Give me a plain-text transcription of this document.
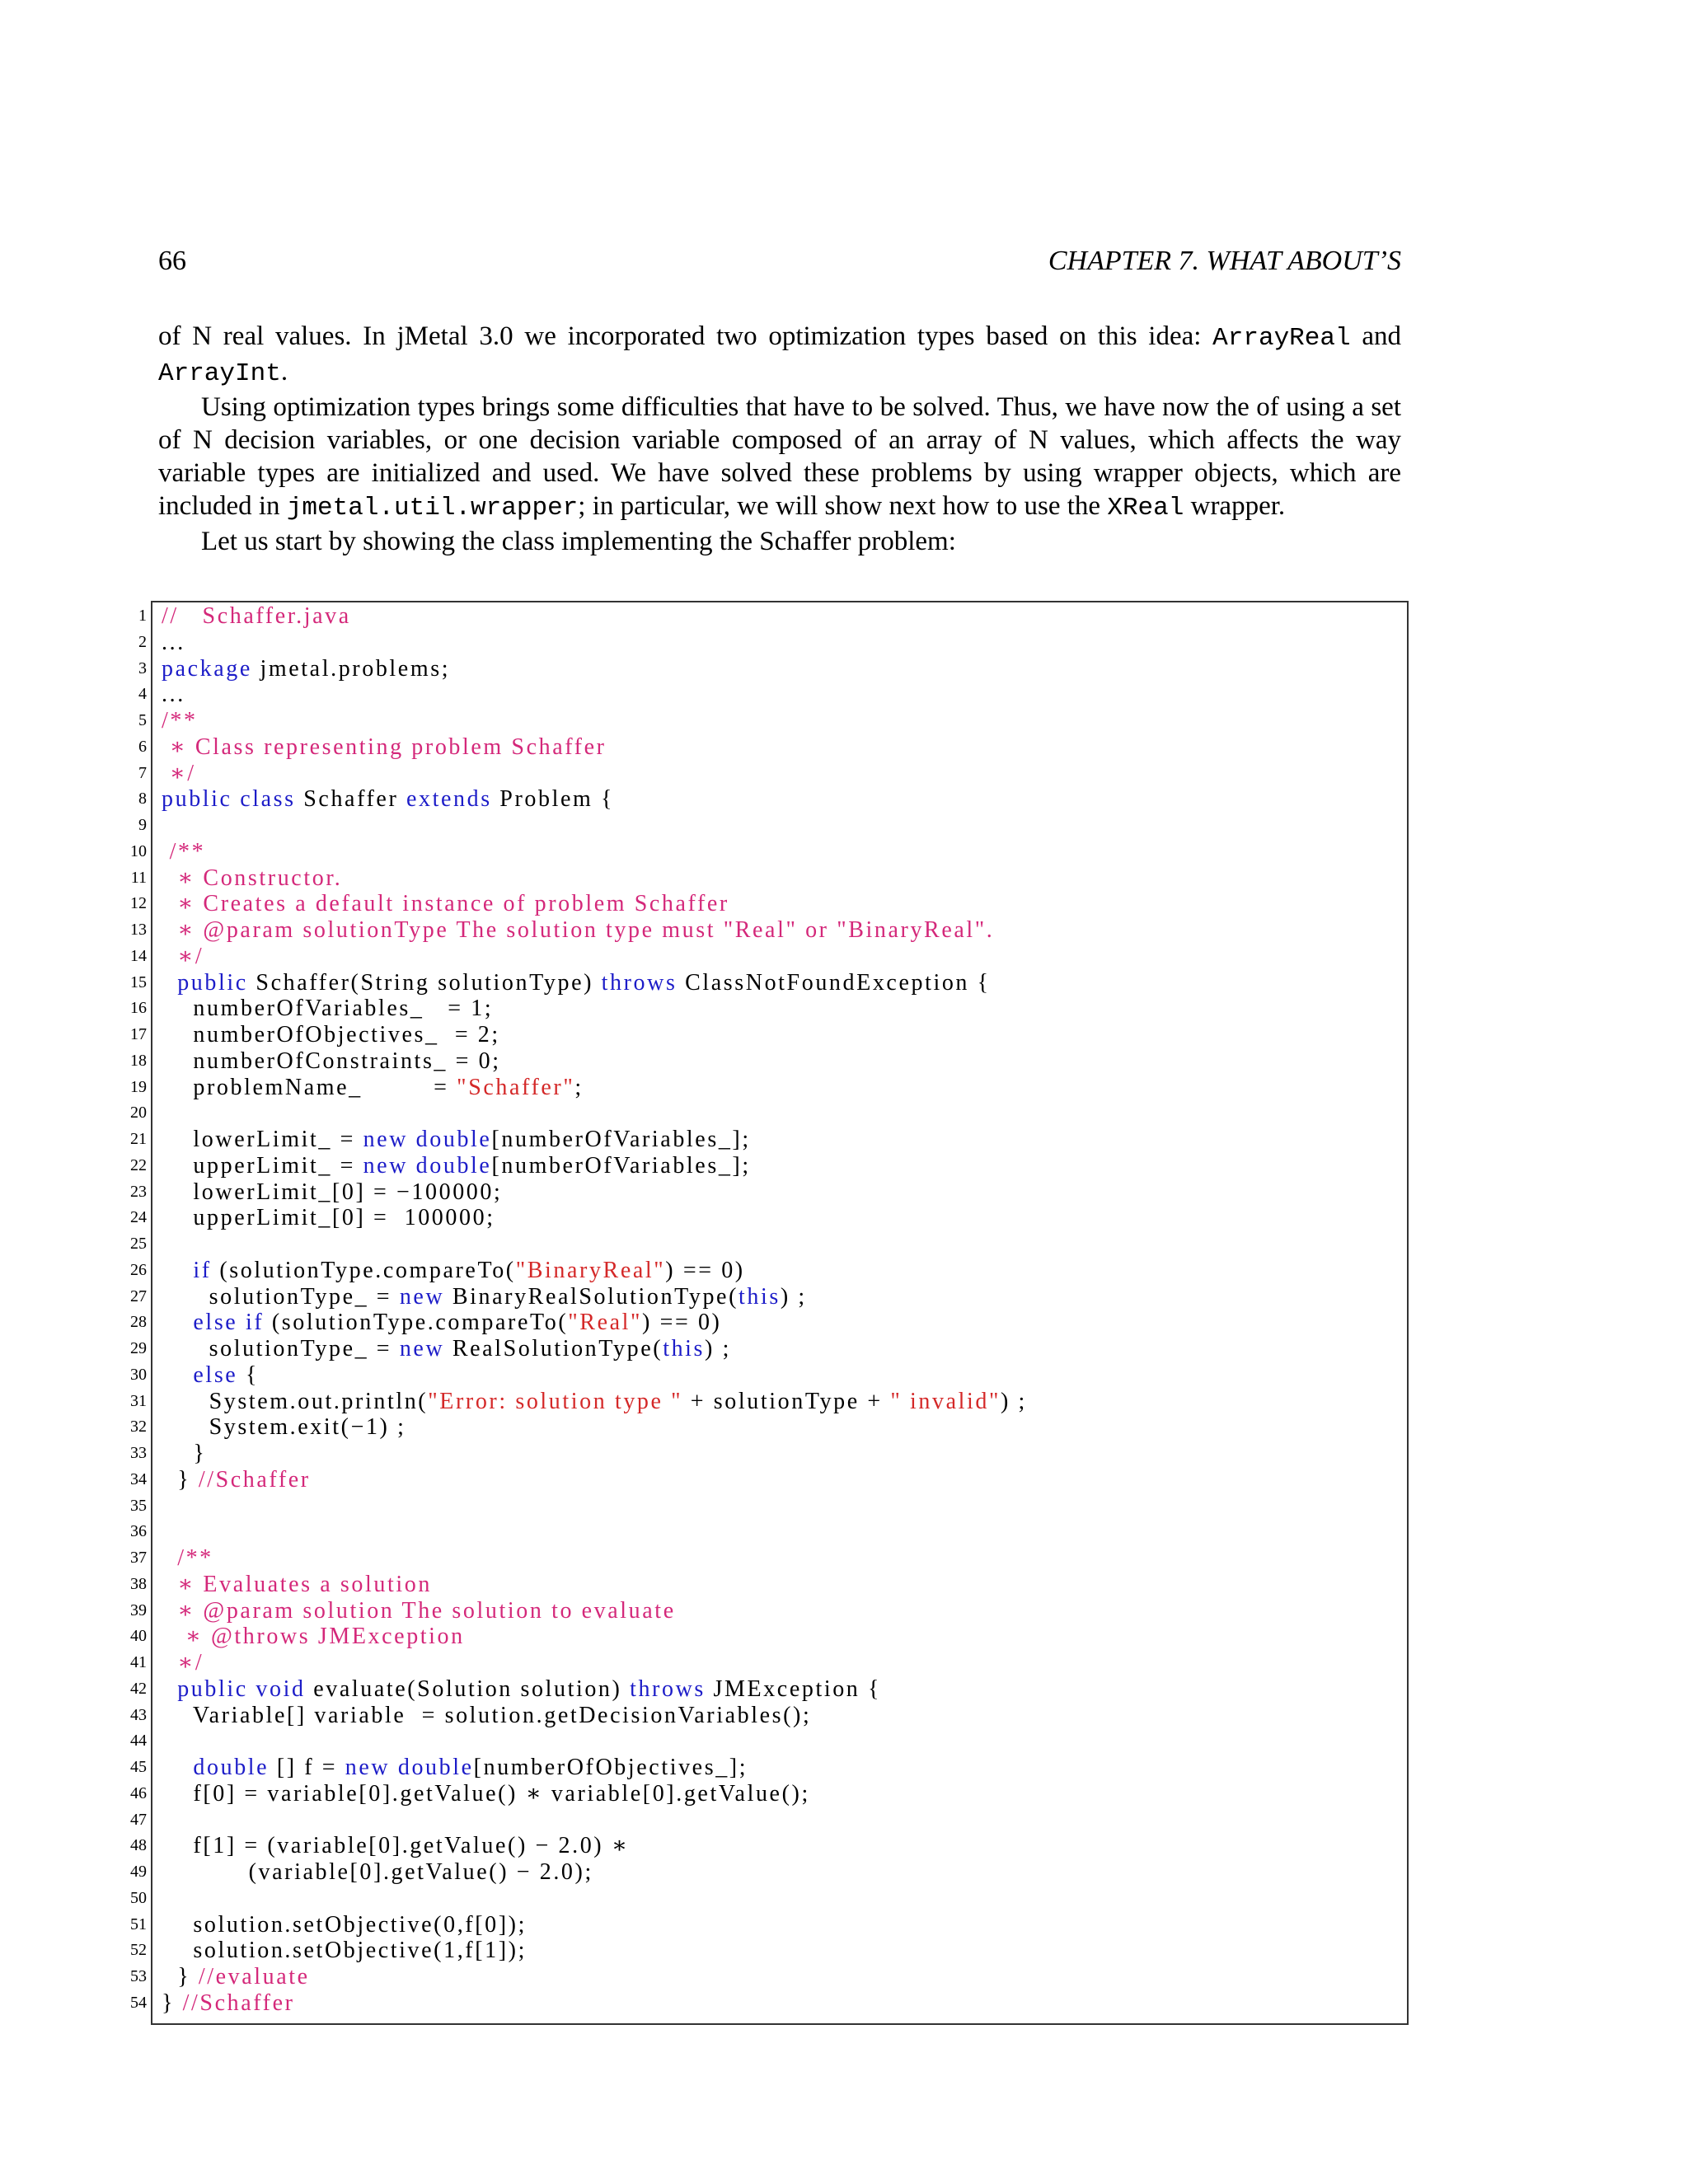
66	CHAPTER 7. WHAT ABOUT’S

of N real values. In jMetal 3.0 we incorporated two optimization types based on this idea: ArrayReal and ArrayInt.

Using optimization types brings some difficulties that have to be solved. Thus, we have now the of using a set of N decision variables, or one decision variable composed of an array of N values, which affects the way variable types are initialized and used. We have solved these problems by using wrapper objects, which are included in jmetal.util.wrapper; in particular, we will show next how to use the XReal wrapper.

Let us start by showing the class implementing the Schaffer problem:

1 //   Schaffer.java
2 ...
3 package jmetal.problems;
4 ...
5 /**
6 ∗ Class representing problem Schaffer
7 ∗/
8 public class Schaffer extends Problem {
9
10 /**
11 ∗ Constructor.
12 ∗ Creates a default instance of problem Schaffer
13 ∗ @param solutionType The solution type must "Real" or "BinaryReal".
14 ∗/
15	public Schaffer(String solutionType) throws ClassNotFoundException {
16 numberOfVariables_   = 1;
17 numberOfObjectives_  = 2;
18 numberOfConstraints_ = 0;
19 problemName_         = "Schaffer";
20
21 lowerLimit_ = new double[numberOfVariables_];
22 upperLimit_ = new double[numberOfVariables_];
23 lowerLimit_[0] = −100000;
24 upperLimit_[0] =  100000;
25
26	if (solutionType.compareTo("BinaryReal") == 0)
27 solutionType_ = new BinaryRealSolutionType(this) ;
28	else if (solutionType.compareTo("Real") == 0)
29 solutionType_ = new RealSolutionType(this) ;
30	else {
31 System.out.println("Error: solution type " + solutionType + " invalid") ;
32 System.exit(−1) ;
33 }
34 } //Schaffer
35
36
37 /**
38 ∗ Evaluates a solution
39 ∗ @param solution The solution to evaluate
40 ∗ @throws JMException
41 ∗/
42	public void evaluate(Solution solution) throws JMException {
43 Variable[] variable  = solution.getDecisionVariables();
44
45	double [] f = new double[numberOfObjectives_];
46 f[0] = variable[0].getValue() ∗ variable[0].getValue();
47
48 f[1] = (variable[0].getValue() − 2.0) ∗
49 (variable[0].getValue() − 2.0);
50
51 solution.setObjective(0,f[0]);
52 solution.setObjective(1,f[1]);
53 } //evaluate
54 } //Schaffer
